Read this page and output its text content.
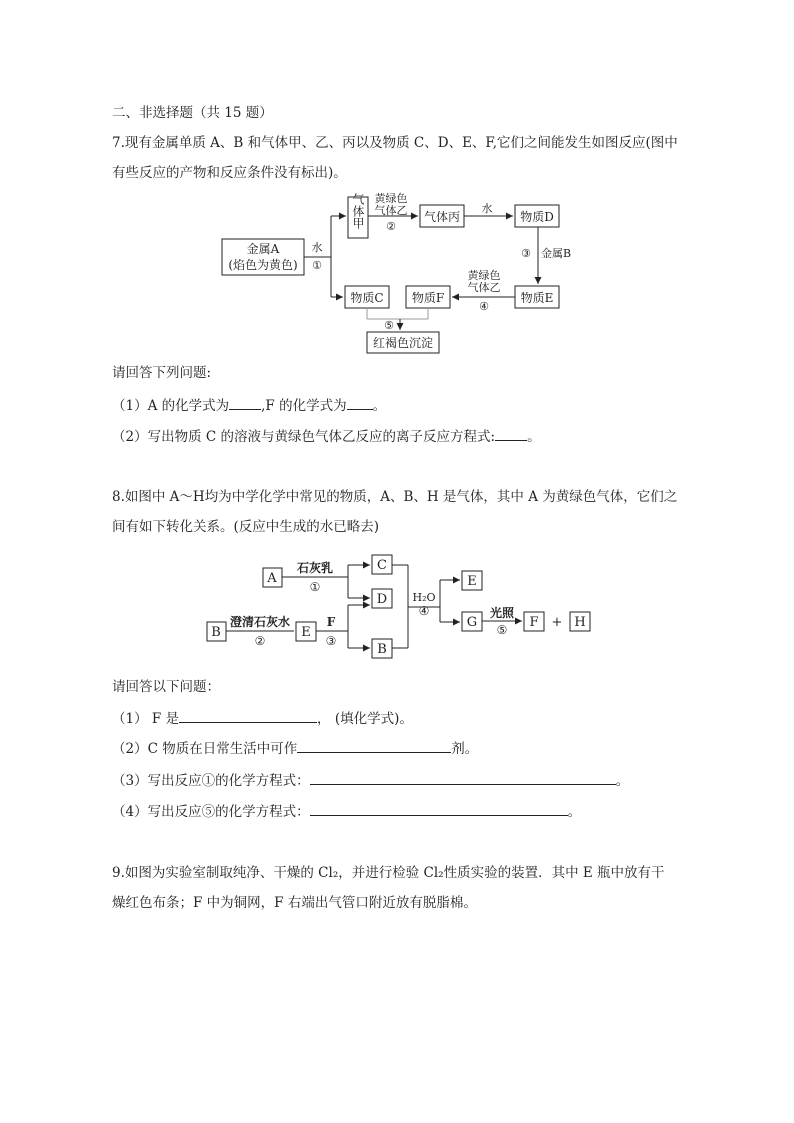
二、非选择题（共 15 题）
7.现有金属单质 A、B 和气体甲、乙、丙以及物质 C、D、E、F,它们之间能发生如图反应(图中
有些反应的产物和反应条件没有标出)。
金属A
(焰色为黄色)
水
①
气体甲 黄绿色
气体乙
②
气体丙
水
物质D
③ 金属B
物质E
黄绿色
气体乙
④
物质F
物质C
⑤
红褐色沉淀
请回答下列问题:
（1）A 的化学式为 ,F 的化学式为 。
（2）写出物质 C 的溶液与黄绿色气体乙反应的离子反应方程式: 。
8.如图中 A～H均为中学化学中常见的物质，A、B、H 是气体，其中 A 为黄绿色气体，它们之
间有如下转化关系。(反应中生成的水已略去)
A
石灰乳
①
C
D
B
澄清石灰水
②
E
F
③
B
H₂O
④
E
G
光照
⑤ F + H
请回答以下问题：
（1） F 是	， (填化学式)。
（2）C 物质在日常生活中可作	剂。
（3）写出反应①的化学方程式：	。
（4）写出反应⑤的化学方程式：	。
9.如图为实验室制取纯净、干燥的 Cl₂，并进行检验 Cl₂性质实验的装置．其中 E 瓶中放有干
燥红色布条；F 中为铜网，F 右端出气管口附近放有脱脂棉。
